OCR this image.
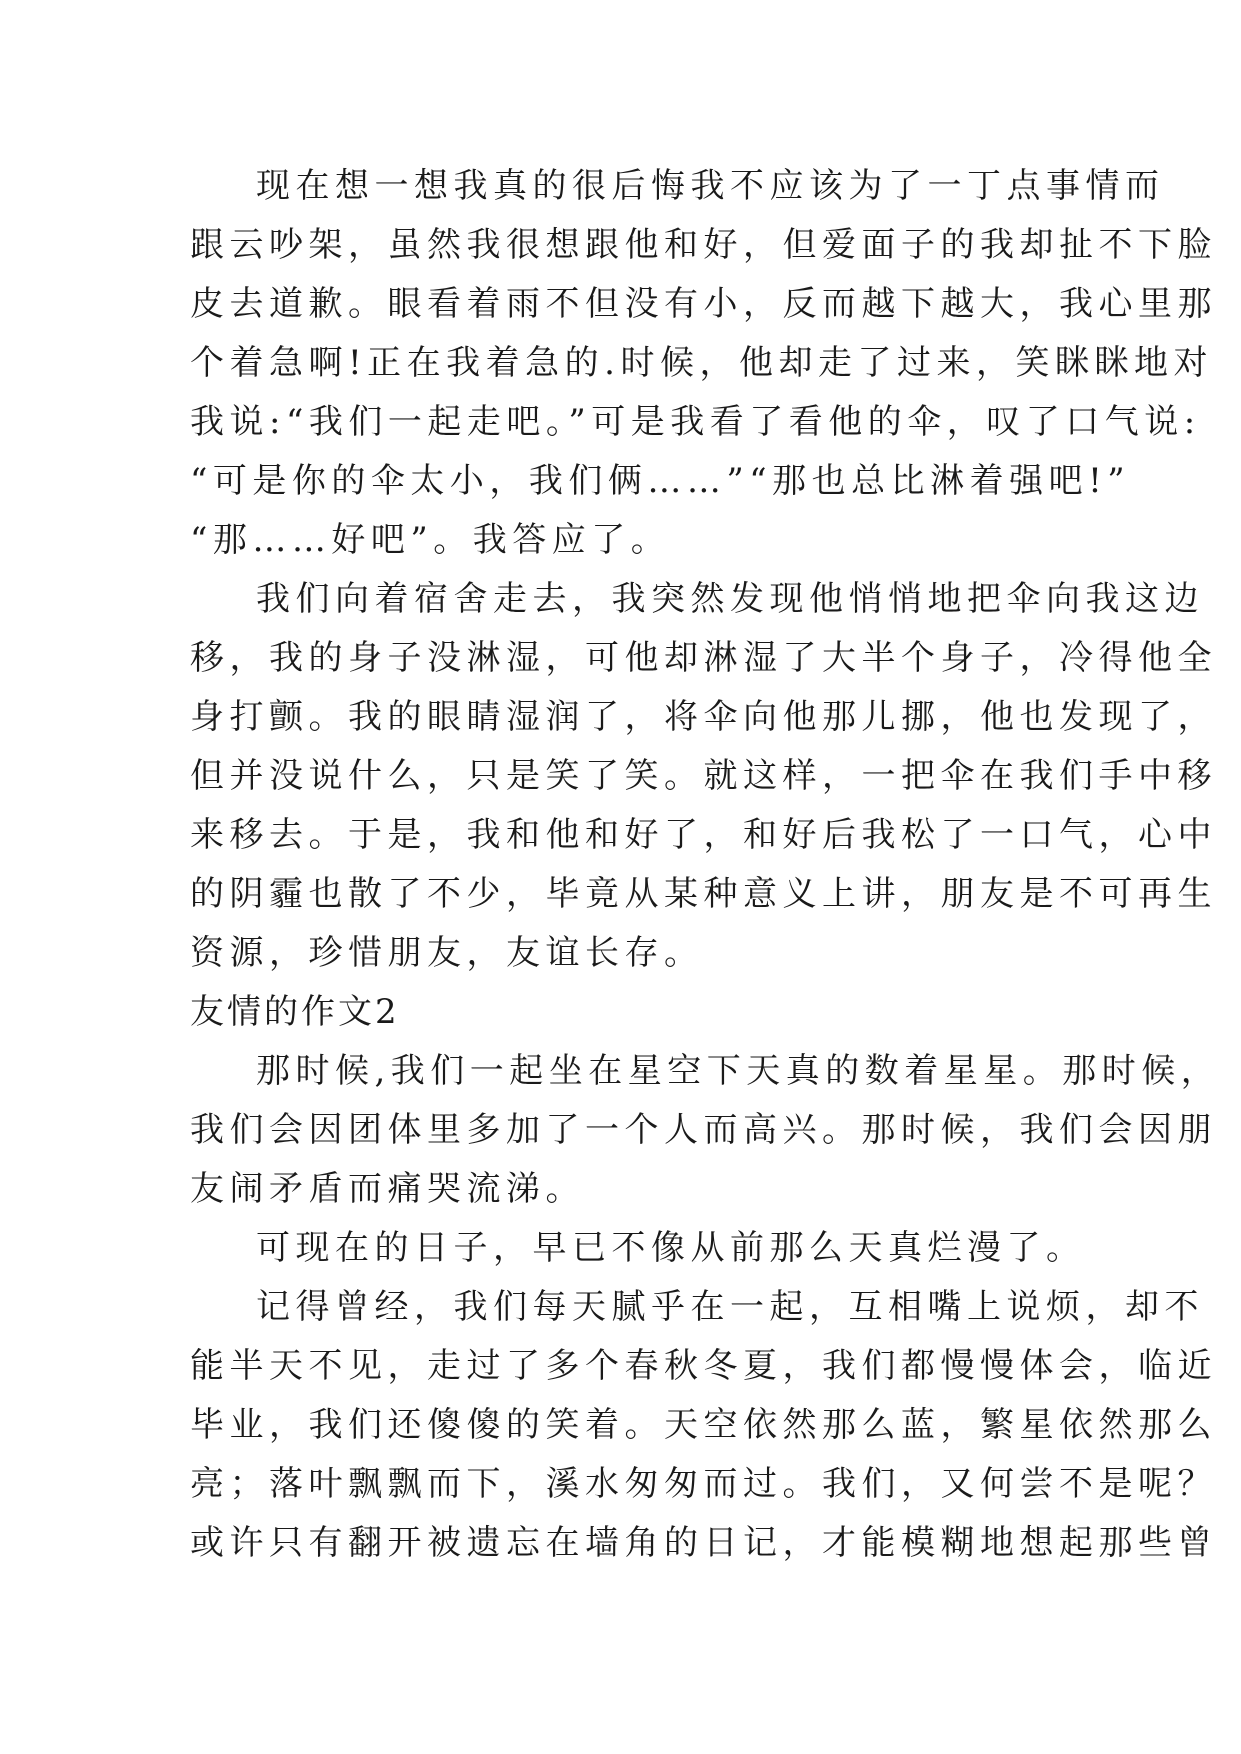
现在想一想我真的很后悔我不应该为了一丁点事情而
跟云吵架，虽然我很想跟他和好，但爱面子的我却扯不下脸
皮去道歉。眼看着雨不但没有小，反而越下越大，我心里那
个着急啊!正在我着急的.时候，他却走了过来，笑眯眯地对
我说:“我们一起走吧。”可是我看了看他的伞，叹了口气说:
“可是你的伞太小，我们俩……”“那也总比淋着强吧!”
“那……好吧”。我答应了。
我们向着宿舍走去，我突然发现他悄悄地把伞向我这边
移，我的身子没淋湿，可他却淋湿了大半个身子，冷得他全
身打颤。我的眼睛湿润了，将伞向他那儿挪，他也发现了，
但并没说什么，只是笑了笑。就这样，一把伞在我们手中移
来移去。于是，我和他和好了，和好后我松了一口气，心中
的阴霾也散了不少，毕竟从某种意义上讲，朋友是不可再生
资源，珍惜朋友，友谊长存。
友情的作文2
那时候,我们一起坐在星空下天真的数着星星。那时候，
我们会因团体里多加了一个人而高兴。那时候，我们会因朋
友闹矛盾而痛哭流涕。
可现在的日子，早已不像从前那么天真烂漫了。
记得曾经，我们每天腻乎在一起，互相嘴上说烦，却不
能半天不见，走过了多个春秋冬夏，我们都慢慢体会，临近
毕业，我们还傻傻的笑着。天空依然那么蓝，繁星依然那么
亮；落叶飘飘而下，溪水匆匆而过。我们，又何尝不是呢？
或许只有翻开被遗忘在墙角的日记，才能模糊地想起那些曾
